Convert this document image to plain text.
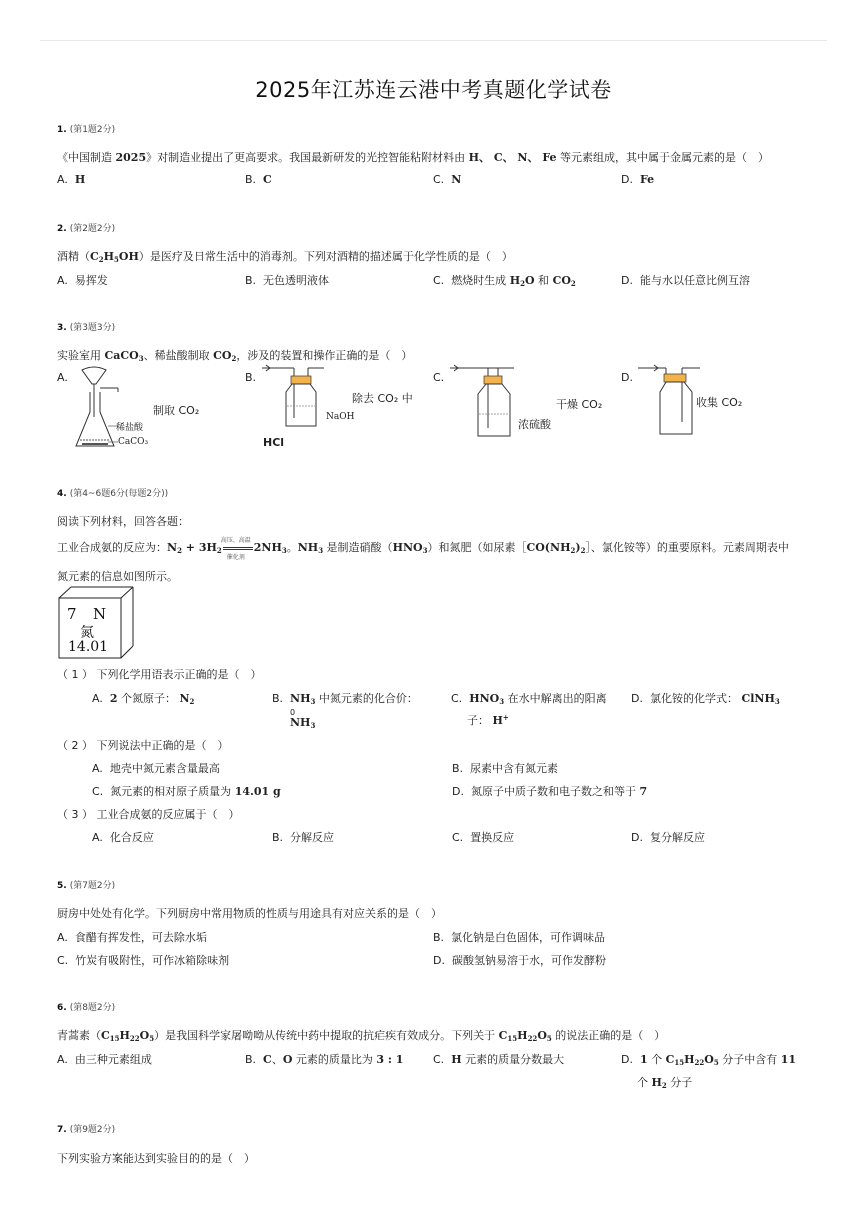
2025年江苏连云港中考真题化学试卷
1. (第1题2分)
《中国制造 2025》对制造业提出了更高要求。我国最新研发的光控智能粘附材料由 H、 C、 N、 Fe 等元素组成，其中属于金属元素的是（　）
A. H	B. C	C. N	D. Fe
2. (第2题2分)
酒精$(C_2H_5OH)$是医疗及日常生活中的消毒剂。下列对酒精的描述属于化学性质的是（　）
A. 易挥发	B. 无色透明液体	C. 燃烧时生成 $H_2O$ 和 $CO_2$	D. 能与水以任意比例互溶
3. (第3题3分)
实验室用 CaCO$_3$、稀盐酸制取 $CO_2$，涉及的装置和操作正确的是（　）
A.
稀盐酸
CaCO₃
制取 CO₂
B.
NaOH
除去 CO₂ 中
HCl
C.
浓硫酸
干燥 CO₂
D.
收集 CO₂
4. (第4~6题6分(每题2分))
阅读下列材料，回答各题：
工业合成氨的反应为：$N_2 + 3H_2$
高压、高温
催化剂
$2NH_3$。$NH_3$ 是制造硝酸$(HNO_3)$和氮肥（如尿素$[CO(NH_2)_2]$、氯化铵等）的重要原料。元素周期表中
氮元素的信息如图所示。
7 N
氮
14.01
（ 1 ） 下列化学用语表示正确的是（　）
A. 2 个氮原子： $N_2$	B. $NH_3$ 中氮元素的化合价：
0
$NH_3$
C. $HNO_3$ 在水中解离出的阳离
子： H+
D. 氯化铵的化学式： ClNH$_3$
（ 2 ） 下列说法中正确的是（　）
A. 地壳中氮元素含量最高	B. 尿素中含有氮元素
C. 氮元素的相对原子质量为 14.01 g	D. 氮原子中质子数和电子数之和等于 7
（ 3 ） 工业合成氨的反应属于（　）
A. 化合反应	B. 分解反应	C. 置换反应	D. 复分解反应
5. (第7题2分)
厨房中处处有化学。下列厨房中常用物质的性质与用途具有对应关系的是（　）
A. 食醋有挥发性，可去除水垢	B. 氯化钠是白色固体，可作调味品
C. 竹炭有吸附性，可作冰箱除味剂	D. 碳酸氢钠易溶于水，可作发酵粉
6. (第8题2分)
青蒿素$(C_{15}H_{22}O_5)$是我国科学家屠呦呦从传统中药中提取的抗疟疾有效成分。下列关于 $C_{15}H_{22}O_5$ 的说法正确的是（　）
A. 由三种元素组成	B. C、O 元素的质量比为 3 : 1	C. H 元素的质量分数最大	D. 1 个 $C_{15}H_{22}O_5$ 分子中含有 11
个 $H_2$ 分子
7. (第9题2分)
下列实验方案能达到实验目的的是（　）
